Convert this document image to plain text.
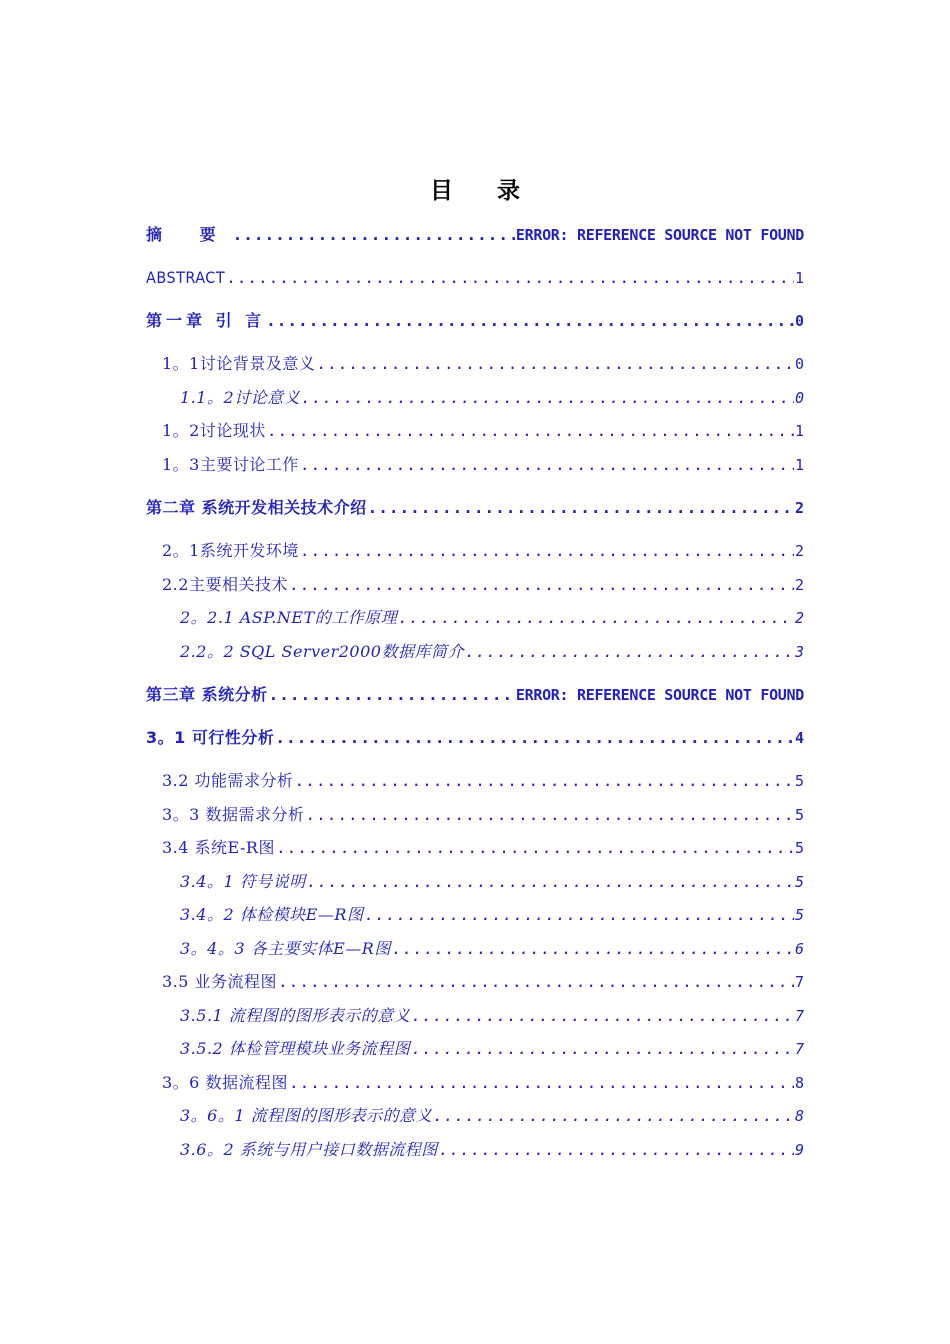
目 录
摘 要 .....	ERROR: REFERENCE SOURCE NOT FOUND
ABSTRACT .....	1
第一章 引 言 .....	0
1。1讨论背景及意义 .....	0
1.1。2讨论意义 .....	0
1。2讨论现状 .....	1
1。3主要讨论工作 .....	1
第二章 系统开发相关技术介绍 .....	2
2。1系统开发环境 .....	2
2.2主要相关技术 .....	2
2。2.1 ASP.NET的工作原理 .....	2
2.2。2 SQL Server2000数据库简介 .....	3
第三章 系统分析 .....	ERROR: REFERENCE SOURCE NOT FOUND
3。1 可行性分析 .....	4
3.2 功能需求分析 .....	5
3。3 数据需求分析 .....	5
3.4 系统E-R图 .....	5
3.4。1 符号说明 .....	5
3.4。2 体检模块E—R图 .....	5
3。4。3 各主要实体E—R图 .....	6
3.5 业务流程图 .....	7
3.5.1 流程图的图形表示的意义 .....	7
3.5.2 体检管理模块业务流程图 .....	7
3。6 数据流程图 .....	8
3。6。1 流程图的图形表示的意义 .....	8
3.6。2 系统与用户接口数据流程图 .....	9
